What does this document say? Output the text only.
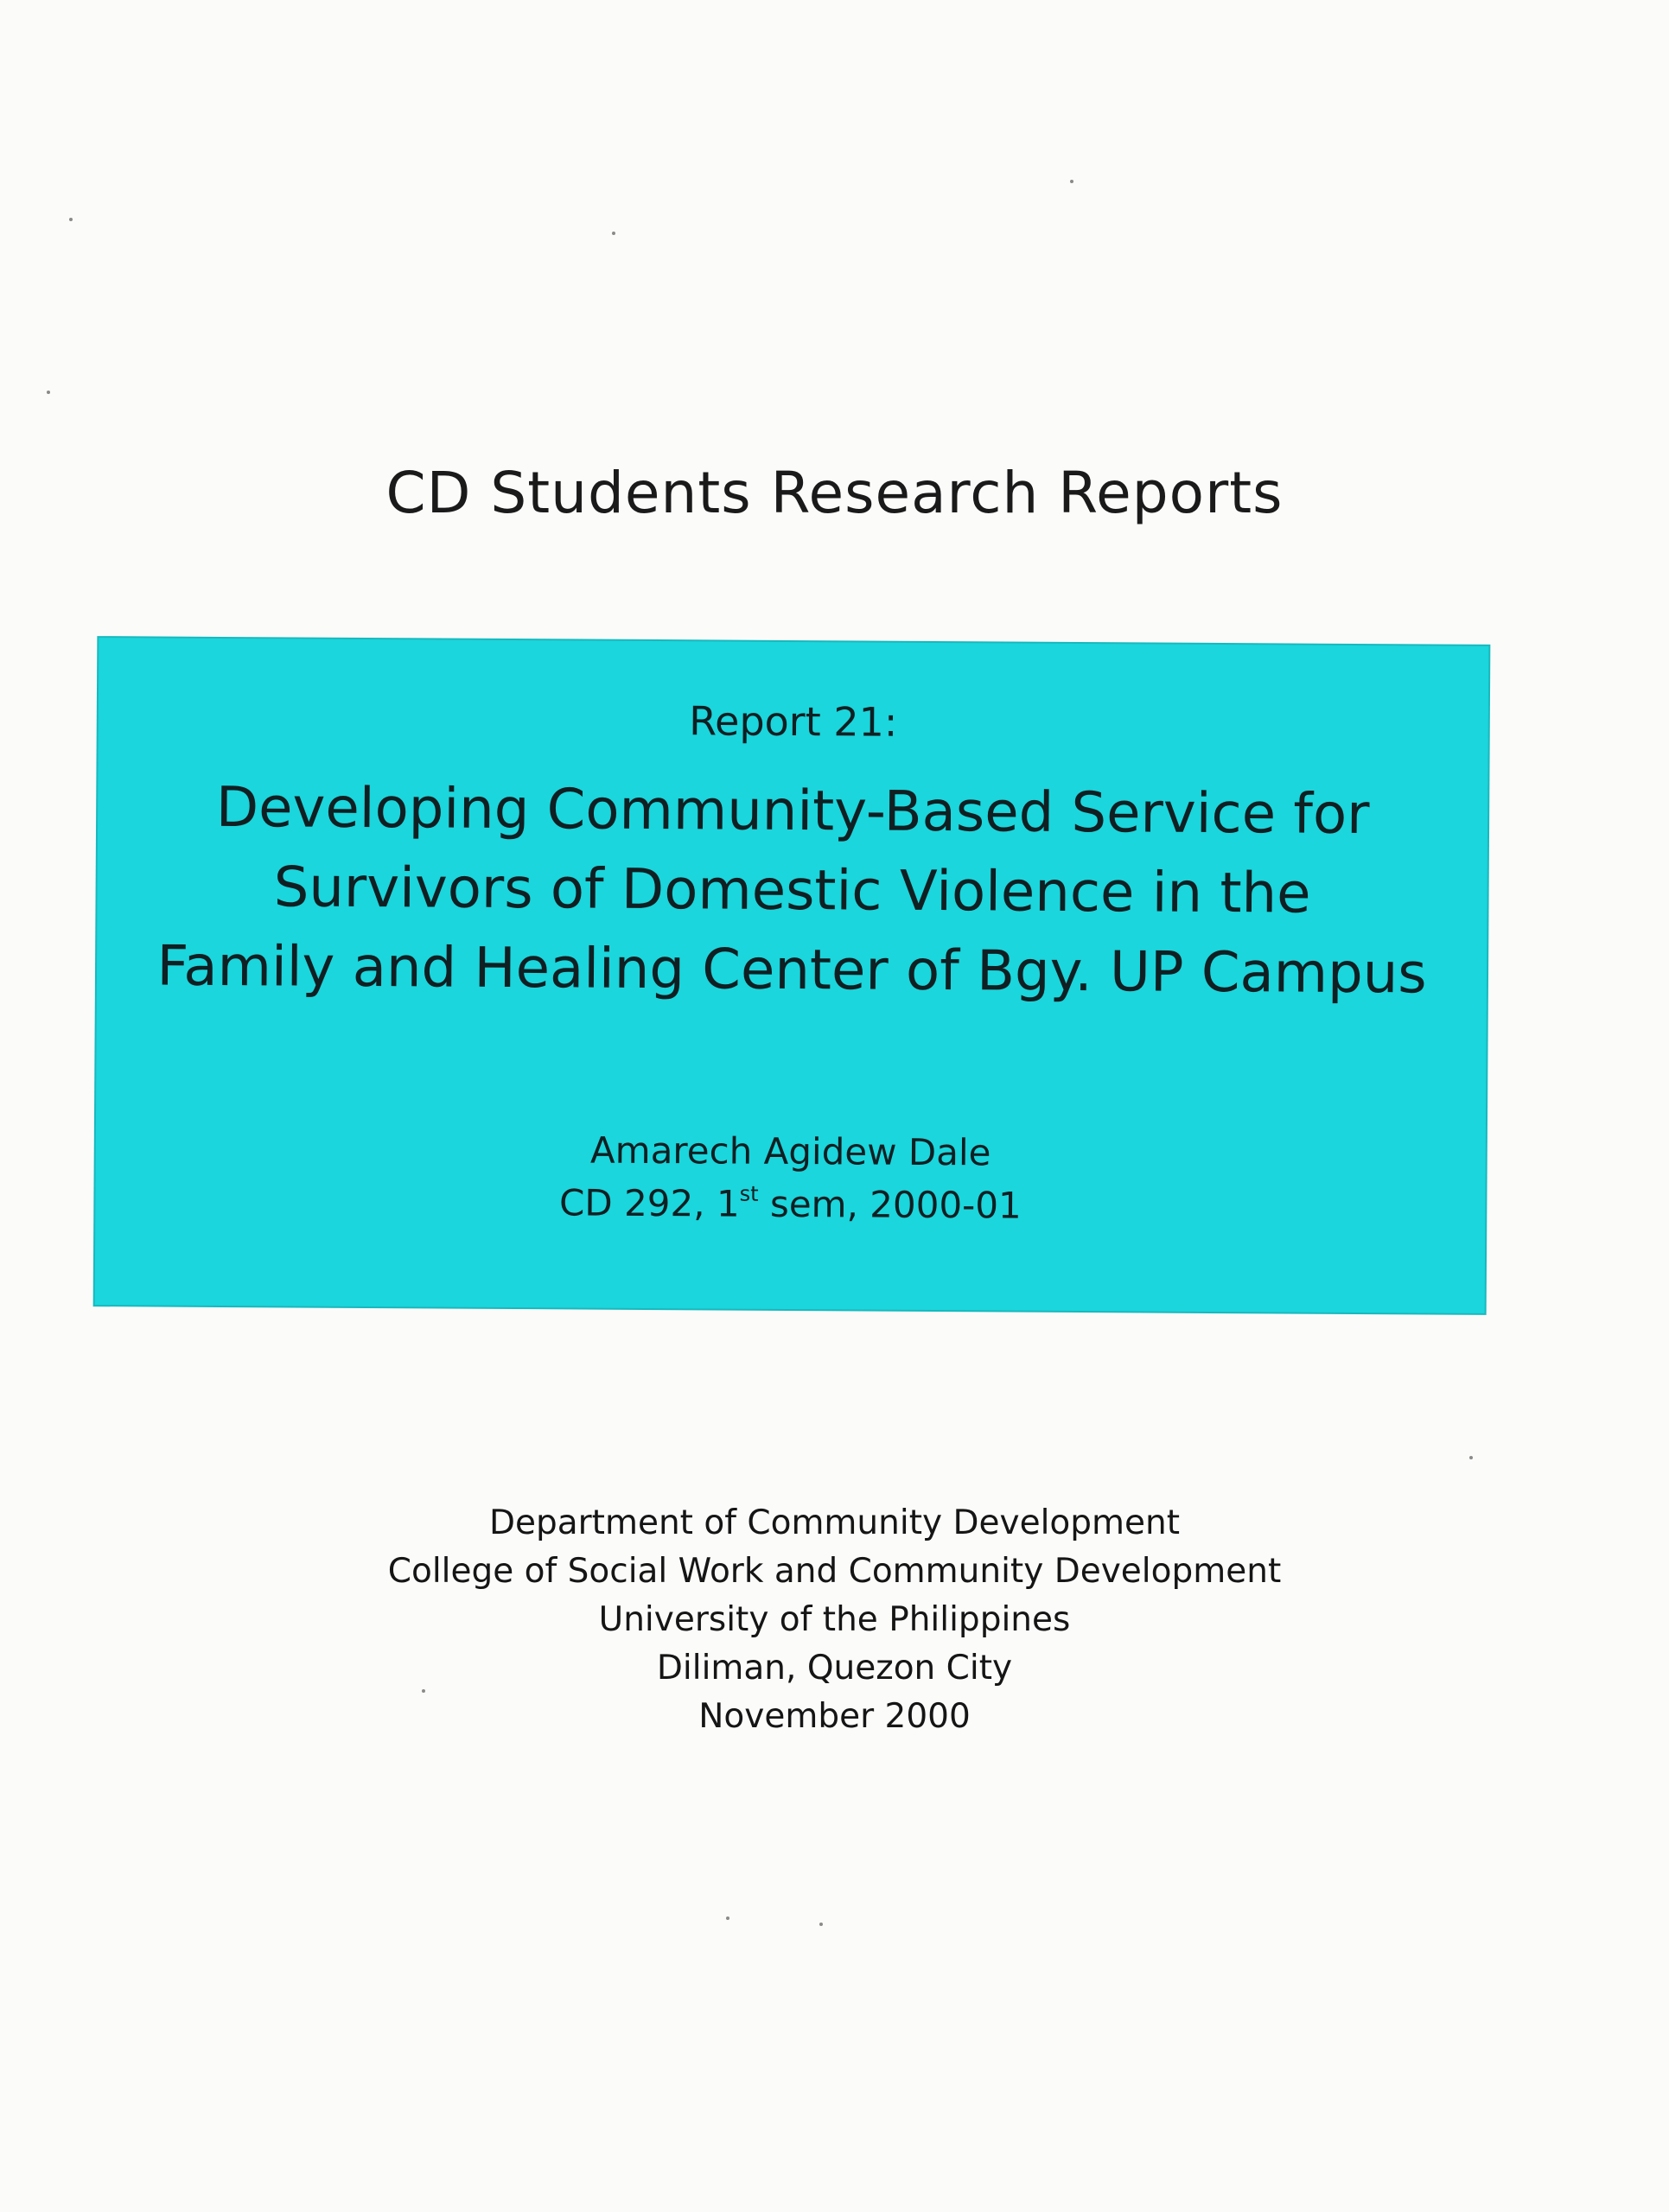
CD Students Research Reports
Report 21:
Developing Community-Based Service for
Survivors of Domestic Violence in the
Family and Healing Center of Bgy. UP Campus
Amarech Agidew Dale
CD 292, 1st sem, 2000-01
Department of Community Development
College of Social Work and Community Development
University of the Philippines
Diliman, Quezon City
November 2000
